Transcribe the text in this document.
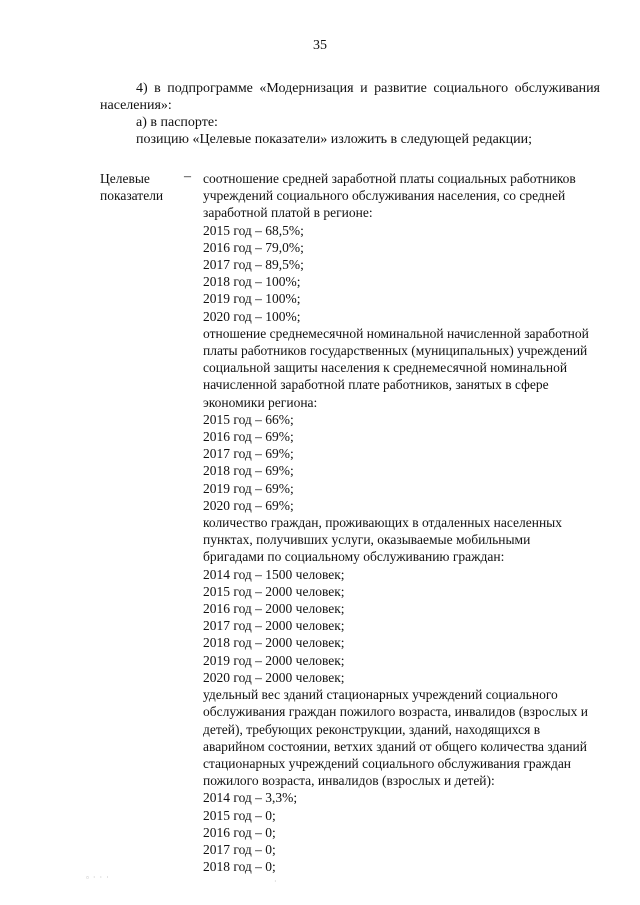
35

4) в подпрограмме «Модернизация и развитие социального обслуживания населения»:

а) в паспорте:

позицию «Целевые показатели» изложить в следующей редакции;

Целевые
показатели
– соотношение средней заработной платы социальных работников
учреждений социального обслуживания населения, со средней
заработной платой в регионе:
2015 год – 68,5%;
2016 год – 79,0%;
2017 год – 89,5%;
2018 год – 100%;
2019 год – 100%;
2020 год – 100%;
отношение среднемесячной номинальной начисленной заработной
платы работников государственных (муниципальных) учреждений
социальной защиты населения к среднемесячной номинальной
начисленной заработной плате работников, занятых в сфере
экономики региона:
2015 год – 66%;
2016 год – 69%;
2017 год – 69%;
2018 год – 69%;
2019 год – 69%;
2020 год – 69%;
количество граждан, проживающих в отдаленных населенных
пунктах, получивших услуги, оказываемые мобильными
бригадами по социальному обслуживанию граждан:
2014 год – 1500 человек;
2015 год – 2000 человек;
2016 год – 2000 человек;
2017 год – 2000 человек;
2018 год – 2000 человек;
2019 год – 2000 человек;
2020 год – 2000 человек;
удельный вес зданий стационарных учреждений социального
обслуживания граждан пожилого возраста, инвалидов (взрослых и
детей), требующих реконструкции, зданий, находящихся в
аварийном состоянии, ветхих зданий от общего количества зданий
стационарных учреждений социального обслуживания граждан
пожилого возраста, инвалидов (взрослых и детей):
2014 год – 3,3%;
2015 год – 0;
2016 год – 0;
2017 год – 0;
2018 год – 0;
▫ · · ·	·
